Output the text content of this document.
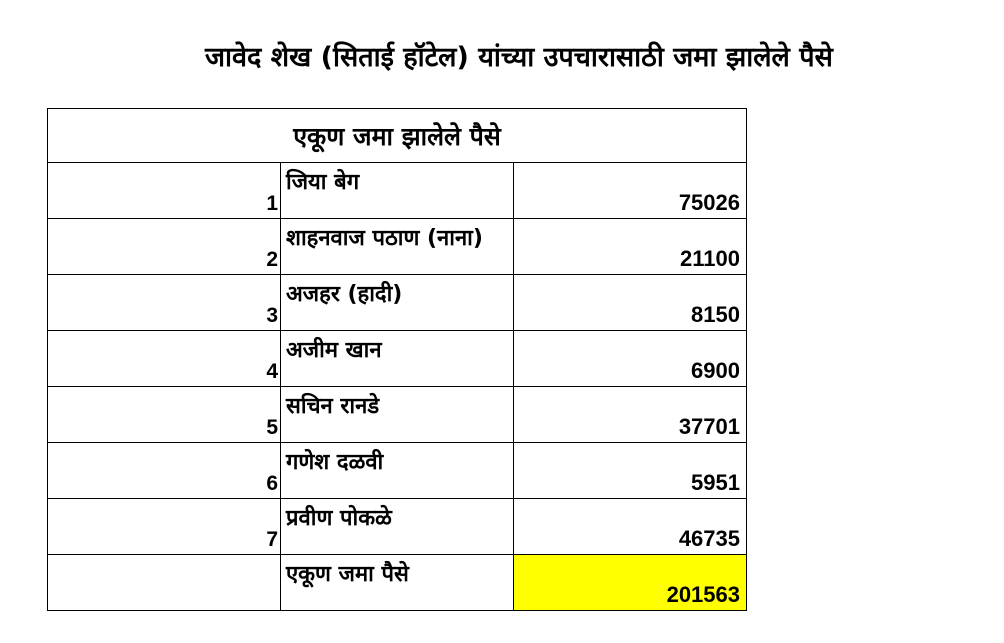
जावेद शेख (सिताई हॉटेल) यांच्या उपचारासाठी जमा झालेले पैसे
एकूण जमा झालेले पैसे		
1	जिया बेग	75026
2	शाहनवाज पठाण (नाना)	21100
3	अजहर (हादी)	8150
4	अजीम खान	6900
5	सचिन रानडे	37701
6	गणेश दळवी	5951
7	प्रवीण पोकळे	46735
	एकूण जमा पैसे	201563
